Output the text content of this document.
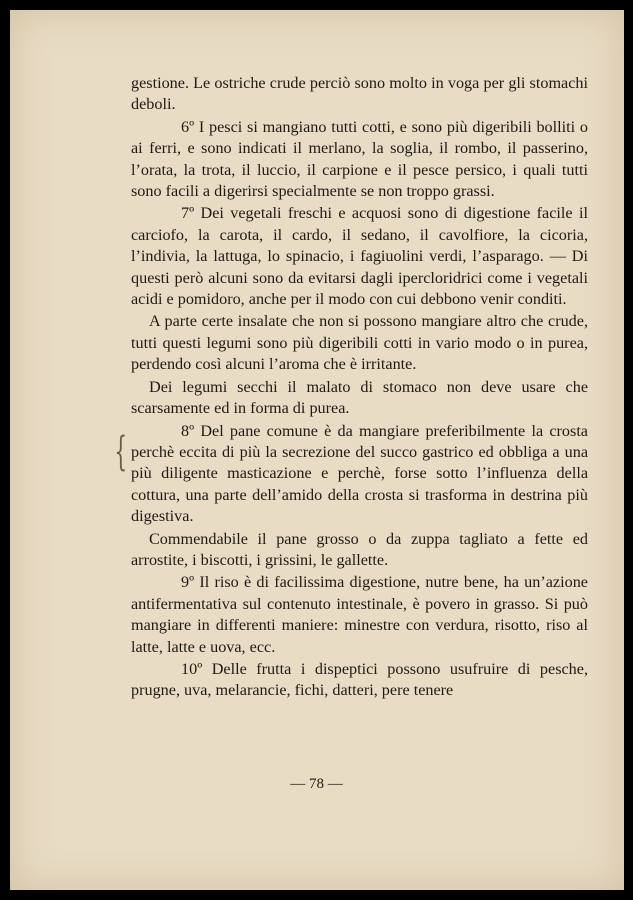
gestione. Le ostriche crude perciò sono molto in voga per gli stomachi deboli.

6º I pesci si mangiano tutti cotti, e sono più digeribili bolliti o ai ferri, e sono indicati il merlano, la soglia, il rombo, il passerino, l’orata, la trota, il luccio, il carpione e il pesce persico, i quali tutti sono facili a digerirsi specialmente se non troppo grassi.

7º Dei vegetali freschi e acquosi sono di digestione facile il carciofo, la carota, il cardo, il sedano, il cavolfiore, la cicoria, l’indivia, la lattuga, lo spinacio, i fagiuolini verdi, l’asparago. — Di questi però alcuni sono da evitarsi dagli ipercloridrici come i vegetali acidi e pomidoro, anche per il modo con cui debbono venir conditi.

A parte certe insalate che non si possono mangiare altro che crude, tutti questi legumi sono più digeribili cotti in vario modo o in purea, perdendo così alcuni l’aroma che è irritante.

Dei legumi secchi il malato di stomaco non deve usare che scarsamente ed in forma di purea.

8º Del pane comune è da mangiare preferibilmente la crosta perchè eccita di più la secrezione del succo gastrico ed obbliga a una più diligente masticazione e perchè, forse sotto l’influenza della cottura, una parte dell’amido della crosta si trasforma in destrina più digestiva.

Commendabile il pane grosso o da zuppa tagliato a fette ed arrostite, i biscotti, i grissini, le gallette.

9º Il riso è di facilissima digestione, nutre bene, ha un’azione antifermentativa sul contenuto intestinale, è povero in grasso. Si può mangiare in differenti maniere: minestre con verdura, risotto, riso al latte, latte e uova, ecc.

10º Delle frutta i dispeptici possono usufruire di pesche, prugne, uva, melarancie, fichi, datteri, pere tenere

{
— 78 —
